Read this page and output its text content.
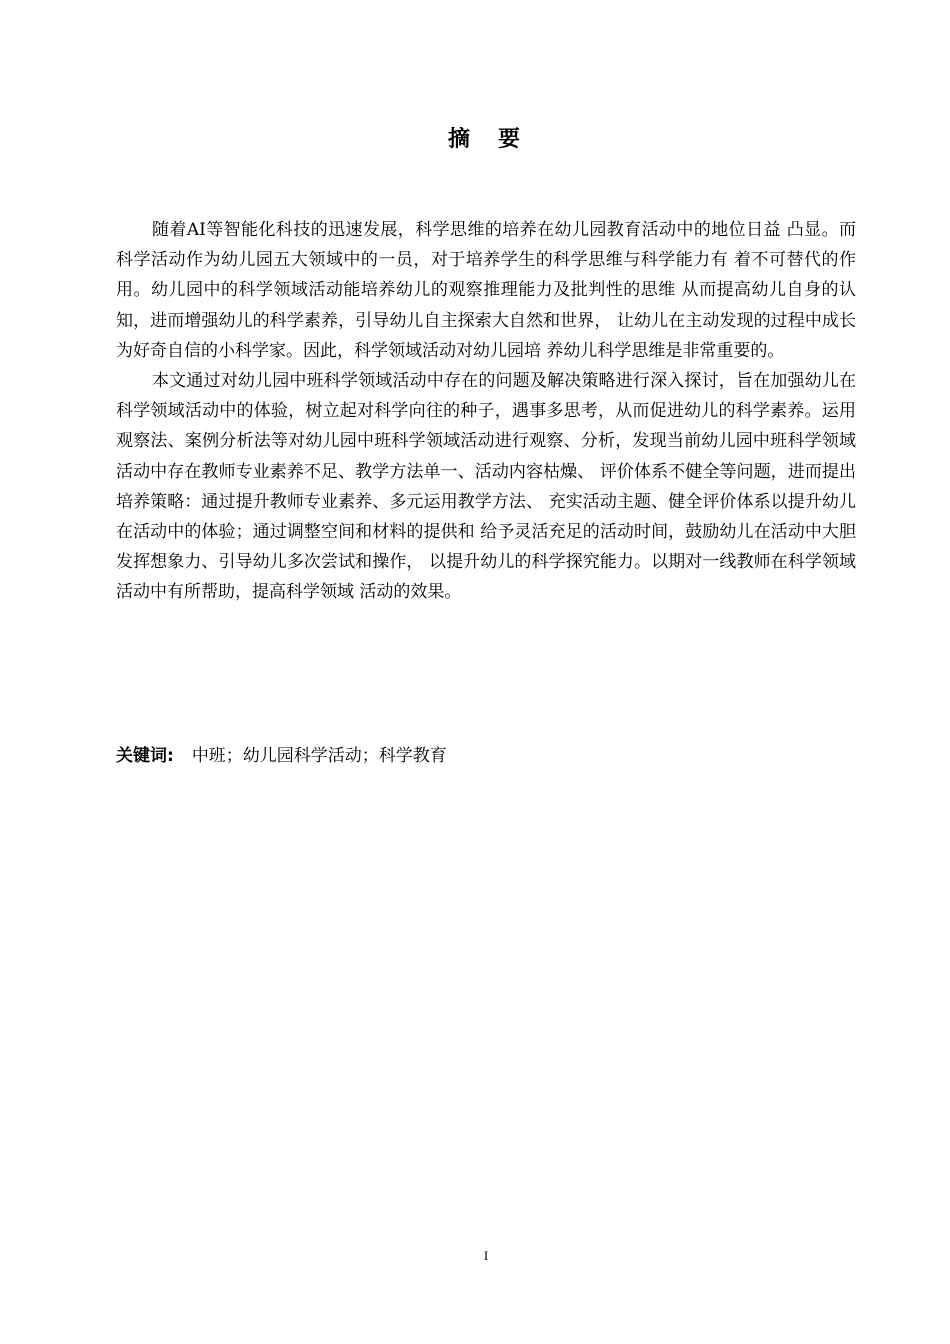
摘 要

随着AI等智能化科技的迅速发展，科学思维的培养在幼儿园教育活动中的地位日益 凸显。而科学活动作为幼儿园五大领域中的一员，对于培养学生的科学思维与科学能力有 着不可替代的作用。幼儿园中的科学领域活动能培养幼儿的观察推理能力及批判性的思维 从而提高幼儿自身的认知，进而增强幼儿的科学素养，引导幼儿自主探索大自然和世界， 让幼儿在主动发现的过程中成长为好奇自信的小科学家。因此，科学领域活动对幼儿园培 养幼儿科学思维是非常重要的。

本文通过对幼儿园中班科学领域活动中存在的问题及解决策略进行深入探讨，旨在加强幼儿在科学领域活动中的体验，树立起对科学向往的种子，遇事多思考，从而促进幼儿的科学素养。运用观察法、案例分析法等对幼儿园中班科学领域活动进行观察、分析，发现当前幼儿园中班科学领域活动中存在教师专业素养不足、教学方法单一、活动内容枯燥、 评价体系不健全等问题，进而提出培养策略：通过提升教师专业素养、多元运用教学方法、 充实活动主题、健全评价体系以提升幼儿在活动中的体验；通过调整空间和材料的提供和 给予灵活充足的活动时间，鼓励幼儿在活动中大胆发挥想象力、引导幼儿多次尝试和操作， 以提升幼儿的科学探究能力。以期对一线教师在科学领域活动中有所帮助，提高科学领域 活动的效果。

关键词: 中班；幼儿园科学活动；科学教育
I
